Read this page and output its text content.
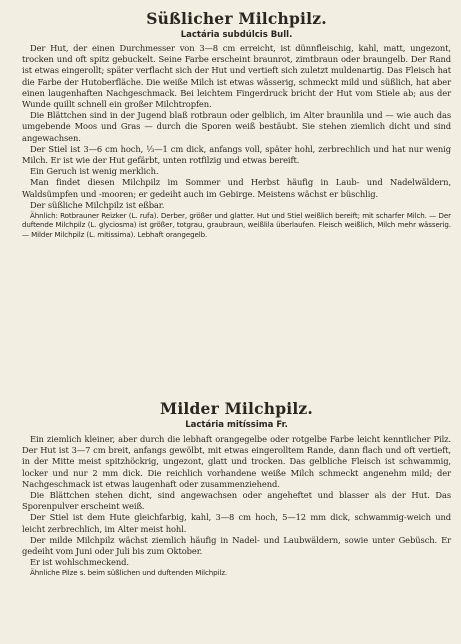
Süßlicher Milchpilz.
Lactária subdúlcis Bull.

Der Hut, der einen Durchmesser von 3—8 cm erreicht, ist dünnfleischig, kahl, matt, ungezont, trocken und oft spitz gebuckelt. Seine Farbe erscheint braunrot, zimtbraun oder braungelb. Der Rand ist etwas eingerollt; später verflacht sich der Hut und vertieft sich zuletzt muldenartig. Das Fleisch hat die Farbe der Hutoberfläche. Die weiße Milch ist etwas wässerig, schmeckt mild und süßlich, hat aber einen laugenhaften Nachgeschmack. Bei leichtem Fingerdruck bricht der Hut vom Stiele ab; aus der Wunde quillt schnell ein großer Milchtropfen.

Die Blättchen sind in der Jugend blaß rotbraun oder gelblich, im Alter braunlila und — wie auch das umgebende Moos und Gras — durch die Sporen weiß bestäubt. Sie stehen ziemlich dicht und sind angewachsen.

Der Stiel ist 3—6 cm hoch, ⅓—1 cm dick, anfangs voll, später hohl, zerbrechlich und hat nur wenig Milch. Er ist wie der Hut gefärbt, unten rotfilzig und etwas bereift.

Ein Geruch ist wenig merklich.

Man findet diesen Milchpilz im Sommer und Herbst häufig in Laub- und Nadelwäldern, Waldsümpfen und -mooren; er gedeiht auch im Gebirge. Meistens wächst er büschlig.

Der süßliche Milchpilz ist eßbar.

Ähnlich: Rotbrauner Reizker (L. rufa). Derber, größer und glatter. Hut und Stiel weißlich bereift; mit scharfer Milch. — Der duftende Milchpilz (L. glyciosma) ist größer, totgrau, graubraun, weißlila überlaufen. Fleisch weißlich, Milch mehr wässerig. — Milder Milchpilz (L. mitissima). Lebhaft orangegelb.

Milder Milchpilz.
Lactária mitíssima Fr.

Ein ziemlich kleiner, aber durch die lebhaft orangegelbe oder rotgelbe Farbe leicht kenntlicher Pilz. Der Hut ist 3—7 cm breit, anfangs gewölbt, mit etwas eingerolltem Rande, dann flach und oft vertieft, in der Mitte meist spitzhöckrig, ungezont, glatt und trocken. Das gelbliche Fleisch ist schwammig, locker und nur 2 mm dick. Die reichlich vorhandene weiße Milch schmeckt angenehm mild; der Nachgeschmack ist etwas laugenhaft oder zusammenziehend.

Die Blättchen stehen dicht, sind angewachsen oder angeheftet und blasser als der Hut. Das Sporenpulver erscheint weiß.

Der Stiel ist dem Hute gleichfarbig, kahl, 3—8 cm hoch, 5—12 mm dick, schwammig-weich und leicht zerbrechlich, im Alter meist hohl.

Der milde Milchpilz wächst ziemlich häufig in Nadel- und Laubwäldern, sowie unter Gebüsch. Er gedeiht vom Juni oder Juli bis zum Oktober.

Er ist wohlschmeckend.

Ähnliche Pilze s. beim süßlichen und duftenden Milchpilz.
